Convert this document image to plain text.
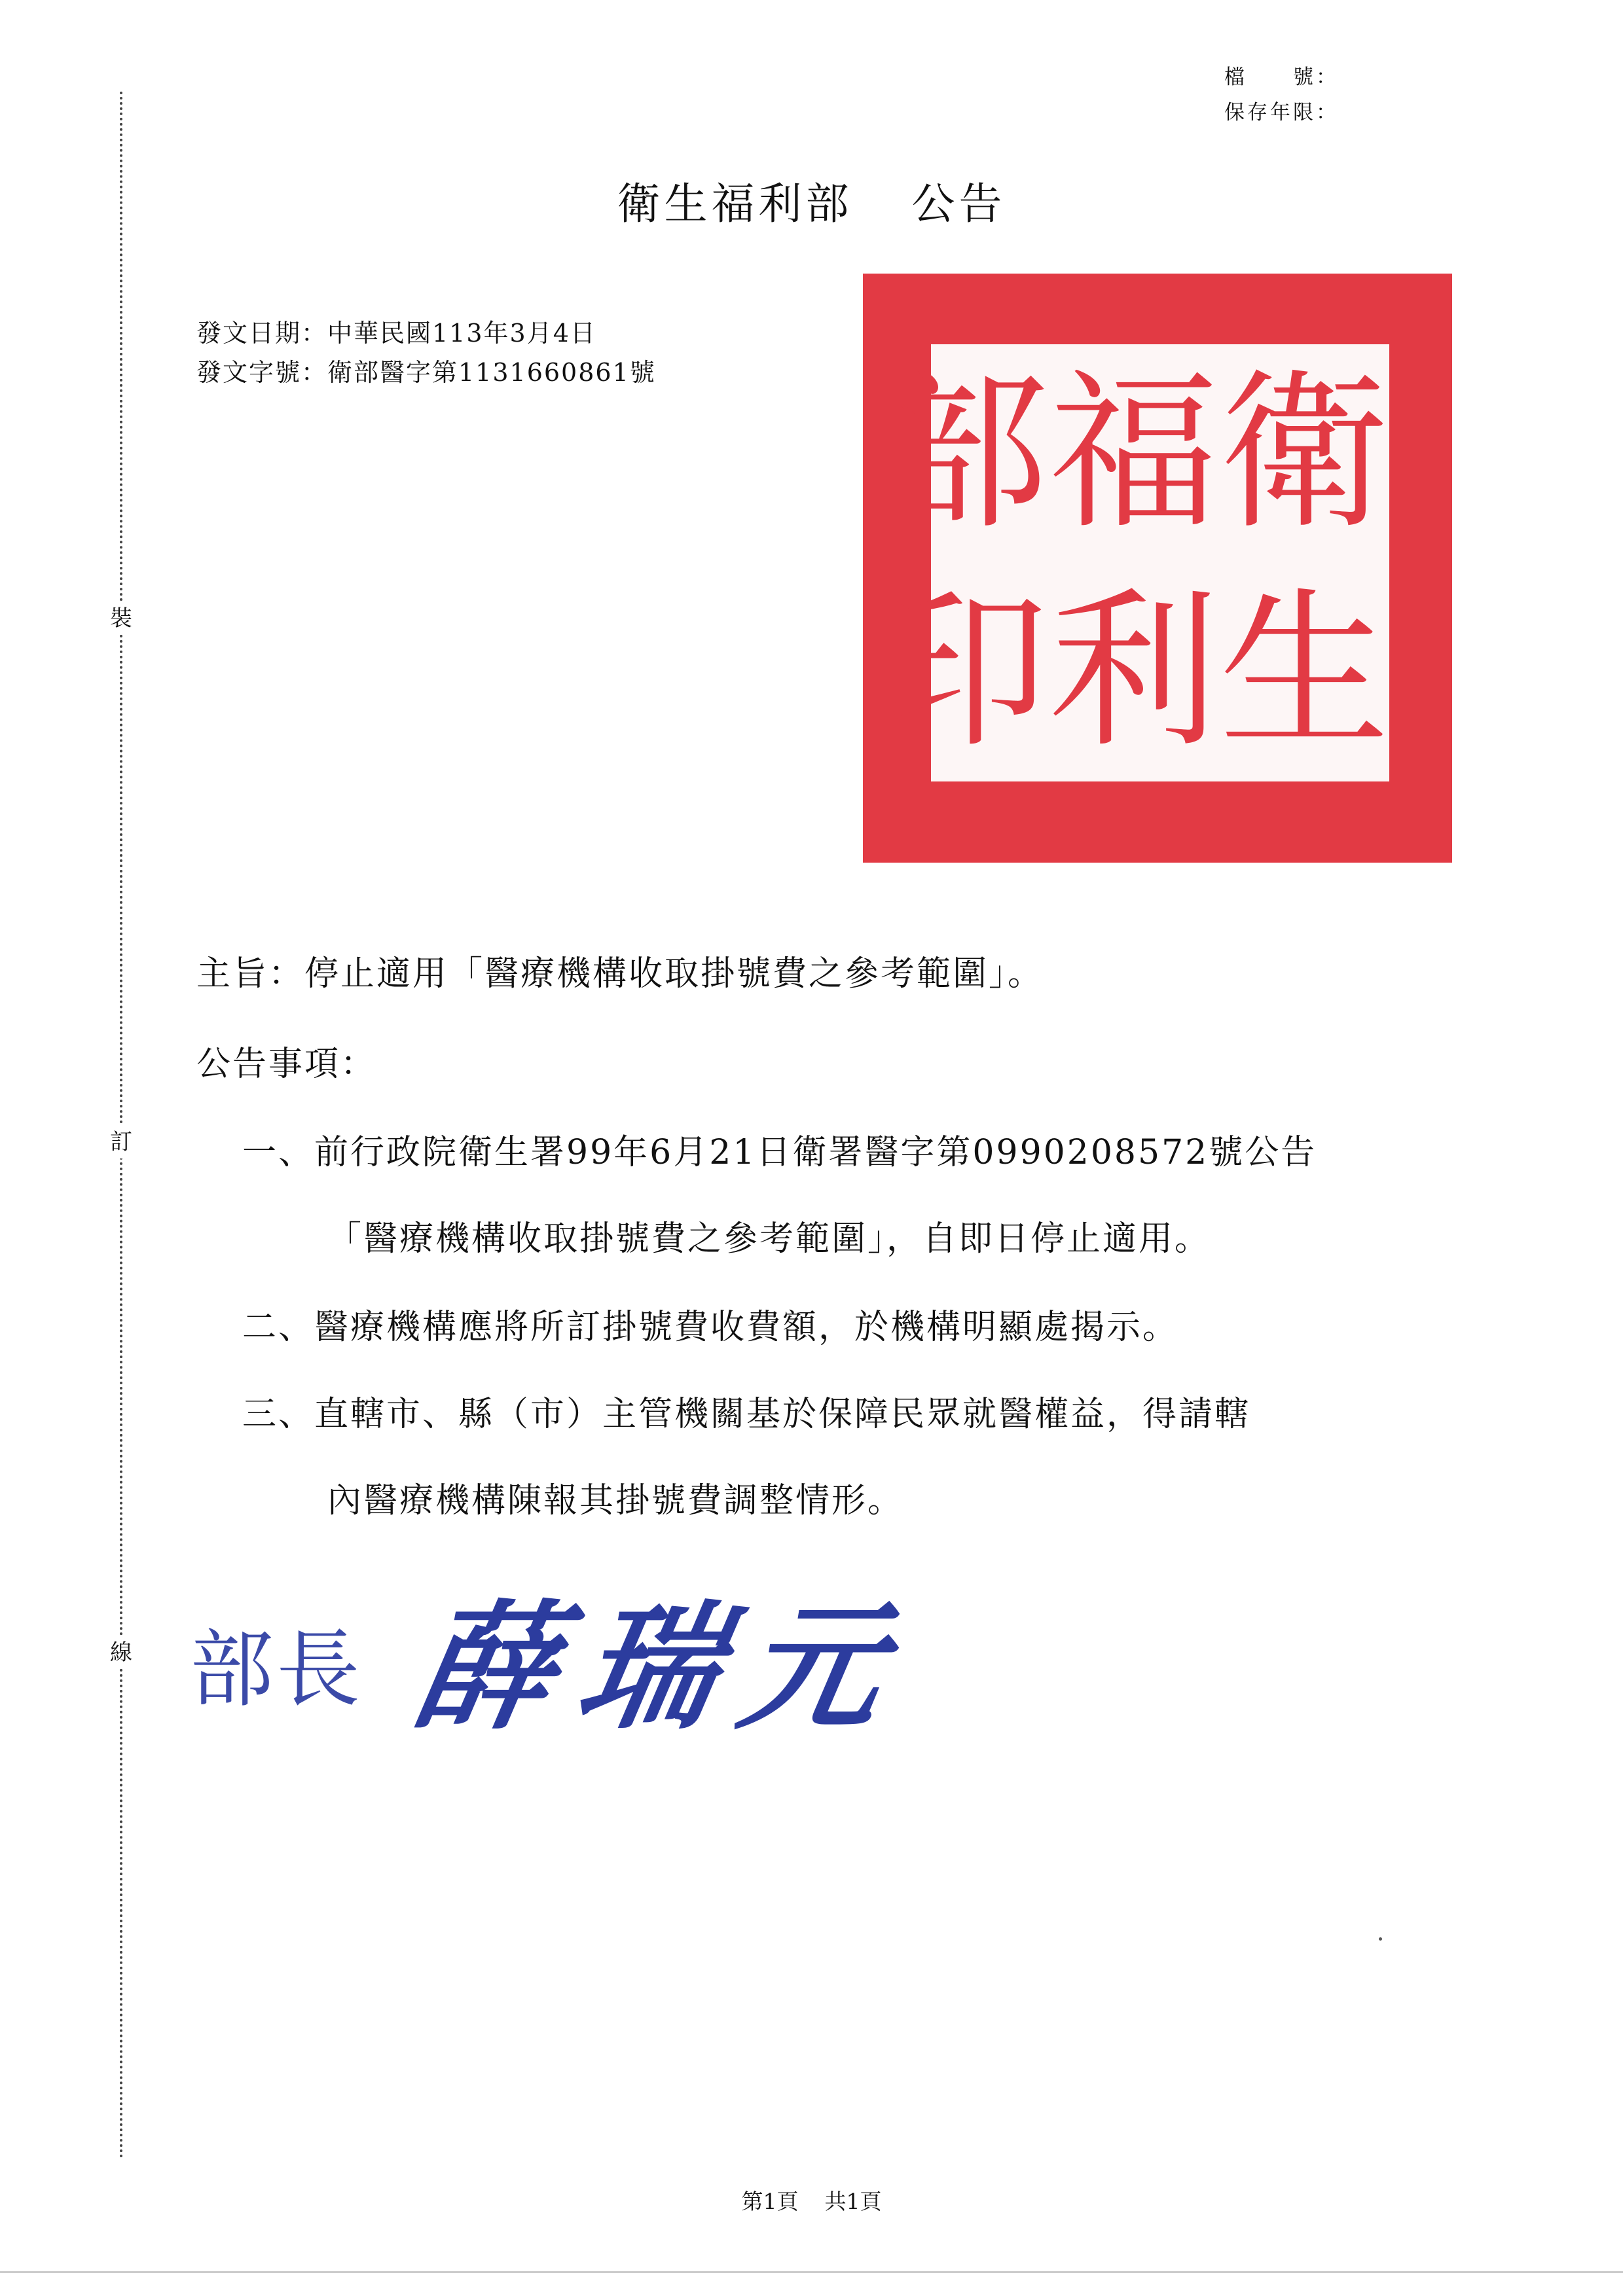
裝
訂
線
檔　　號：
保存年限：
衛生福利部 公告
發文日期：中華民國113年3月4日
發文字號：衛部醫字第1131660861號	衛
福
部
生
利
印
主旨：停止適用「醫療機構收取掛號費之參考範圍」。
公告事項：
一、前行政院衛生署99年6月21日衛署醫字第0990208572號公告
「醫療機構收取掛號費之參考範圍」，自即日停止適用。
二、醫療機構應將所訂掛號費收費額，於機構明顯處揭示。
三、直轄市、縣（市）主管機關基於保障民眾就醫權益，得請轄
內醫療機構陳報其掛號費調整情形。
部長 薛瑞元
第1頁 共1頁
